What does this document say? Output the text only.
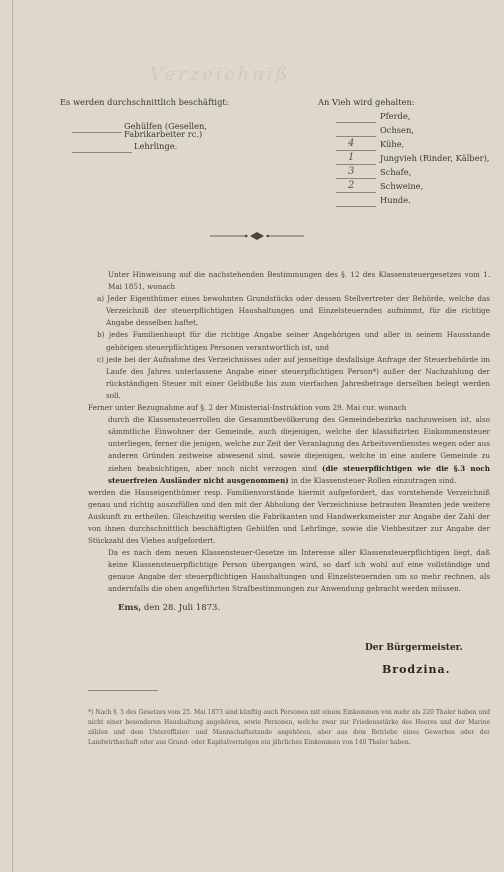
Verzeichniß
Es werden durchschnittlich beschäftigt:
Gehülfen (Gesellen, Fabrikarbeiter rc.)
Lehrlinge.
An Vieh wird gehalten:
Pferde,
Ochsen,
4	Kühe,
1	Jungvieh (Rinder, Kälber),
3	Schafe,
2	Schweine,
Hunde.

Unter Hinweisung auf die nachstehenden Bestimmungen des §. 12 des Klassensteuergesetzes vom 1. Mai 1851, wonach

a) Jeder Eigenthümer eines bewohnten Grundstücks oder dessen Stellvertreter der Behörde, welche das Verzeichniß der steuerpflichtigen Haushaltungen und Einzelsteuernden aufnimmt, für die richtige Angabe desselben haftet,

b) jedes Familienhaupt für die richtige Angabe seiner Angehörigen und aller in seinem Hausstande gehörigen steuerpflichtigen Personen verantwortlich ist, und

c) jede bei der Aufnahme des Verzeichnisses oder auf jenseitige desfallsige Anfrage der Steuerbehörde im Laufe des Jahres unterlassene Angabe einer steuerpflichtigen Person*) außer der Nachzahlung der rückständigen Steuer mit einer Geldbuße bis zum vierfachen Jahresbetrage derselben belegt werden soll.

Ferner unter Bezugnahme auf §. 2 der Ministerial-Instruktion vom 29. Mai cur. wonach

durch die Klassensteuerrollen die Gesammtbevölkerung des Gemeindebezirks nachzuweisen ist, also sämmtliche Einwohner der Gemeinde, auch diejenigen, welche der klassifizirten Einkommensteuer unterliegen, ferner die jenigen, welche zur Zeit der Veranlagung des Arbeitsverdienstes wegen oder aus anderen Gründen zeitweise abwesend sind, sowie diejenigen, welche in eine andere Gemeinde zu ziehen beabsichtigen, aber noch nicht verzogen sind (die steuerpflichtigen wie die §.3 noch steuerfreien Ausländer nicht ausgenommen) in die Klassensteuer-Rollen einzutragen sind.

werden die Hauseigenthümer resp. Familienvorstände hiermit aufgefordert, das vorstehende Verzeichniß genau und richtig auszufüllen und den mit der Abholung der Verzeichnisse betrauten Beamten jede weitere Auskunft zu ertheilen. Gleichzeitig werden die Fabrikanten und Handwerksmeister zur Angabe der Zahl der von ihnen durchschnittlich beschäftigten Gehülfen und Lehrlinge, sowie die Viehbesitzer zur Angabe der Stückzahl des Viehes aufgefordert.

Da es nach dem neuen Klassensteuer-Gesetze im Interesse aller Klassensteuerpflichtigen liegt, daß keine Klassensteuerpflichtige Person übergangen wird, so darf ich wohl auf eine vollständige und genaue Angabe der steuerpflichtigen Haushaltungen und Einzelsteuernden um so mehr rechnen, als andernfalls die oben angeführten Strafbestimmungen zur Anwendung gebracht werden müssen.

Ems, den 28. Juli 1873.
Der Bürgermeister.
Brodzina.
*) Nach §. 5 des Gesetzes vom 25. Mai 1873 sind künftig auch Personen mit einem Einkommen von mehr als 220 Thaler haben und nicht einer besonderen Haushaltung angehören, sowie Personen, welche zwar zur Friedensstärke des Heeres und der Marine zählen und dem Unteroffizier- und Mannschaftsstande angehören, aber aus dem Betriebe eines Gewerbes oder der Landwirthschaft oder aus Grund- oder Kapitalvermögen ein jährliches Einkommen von 140 Thaler haben.
